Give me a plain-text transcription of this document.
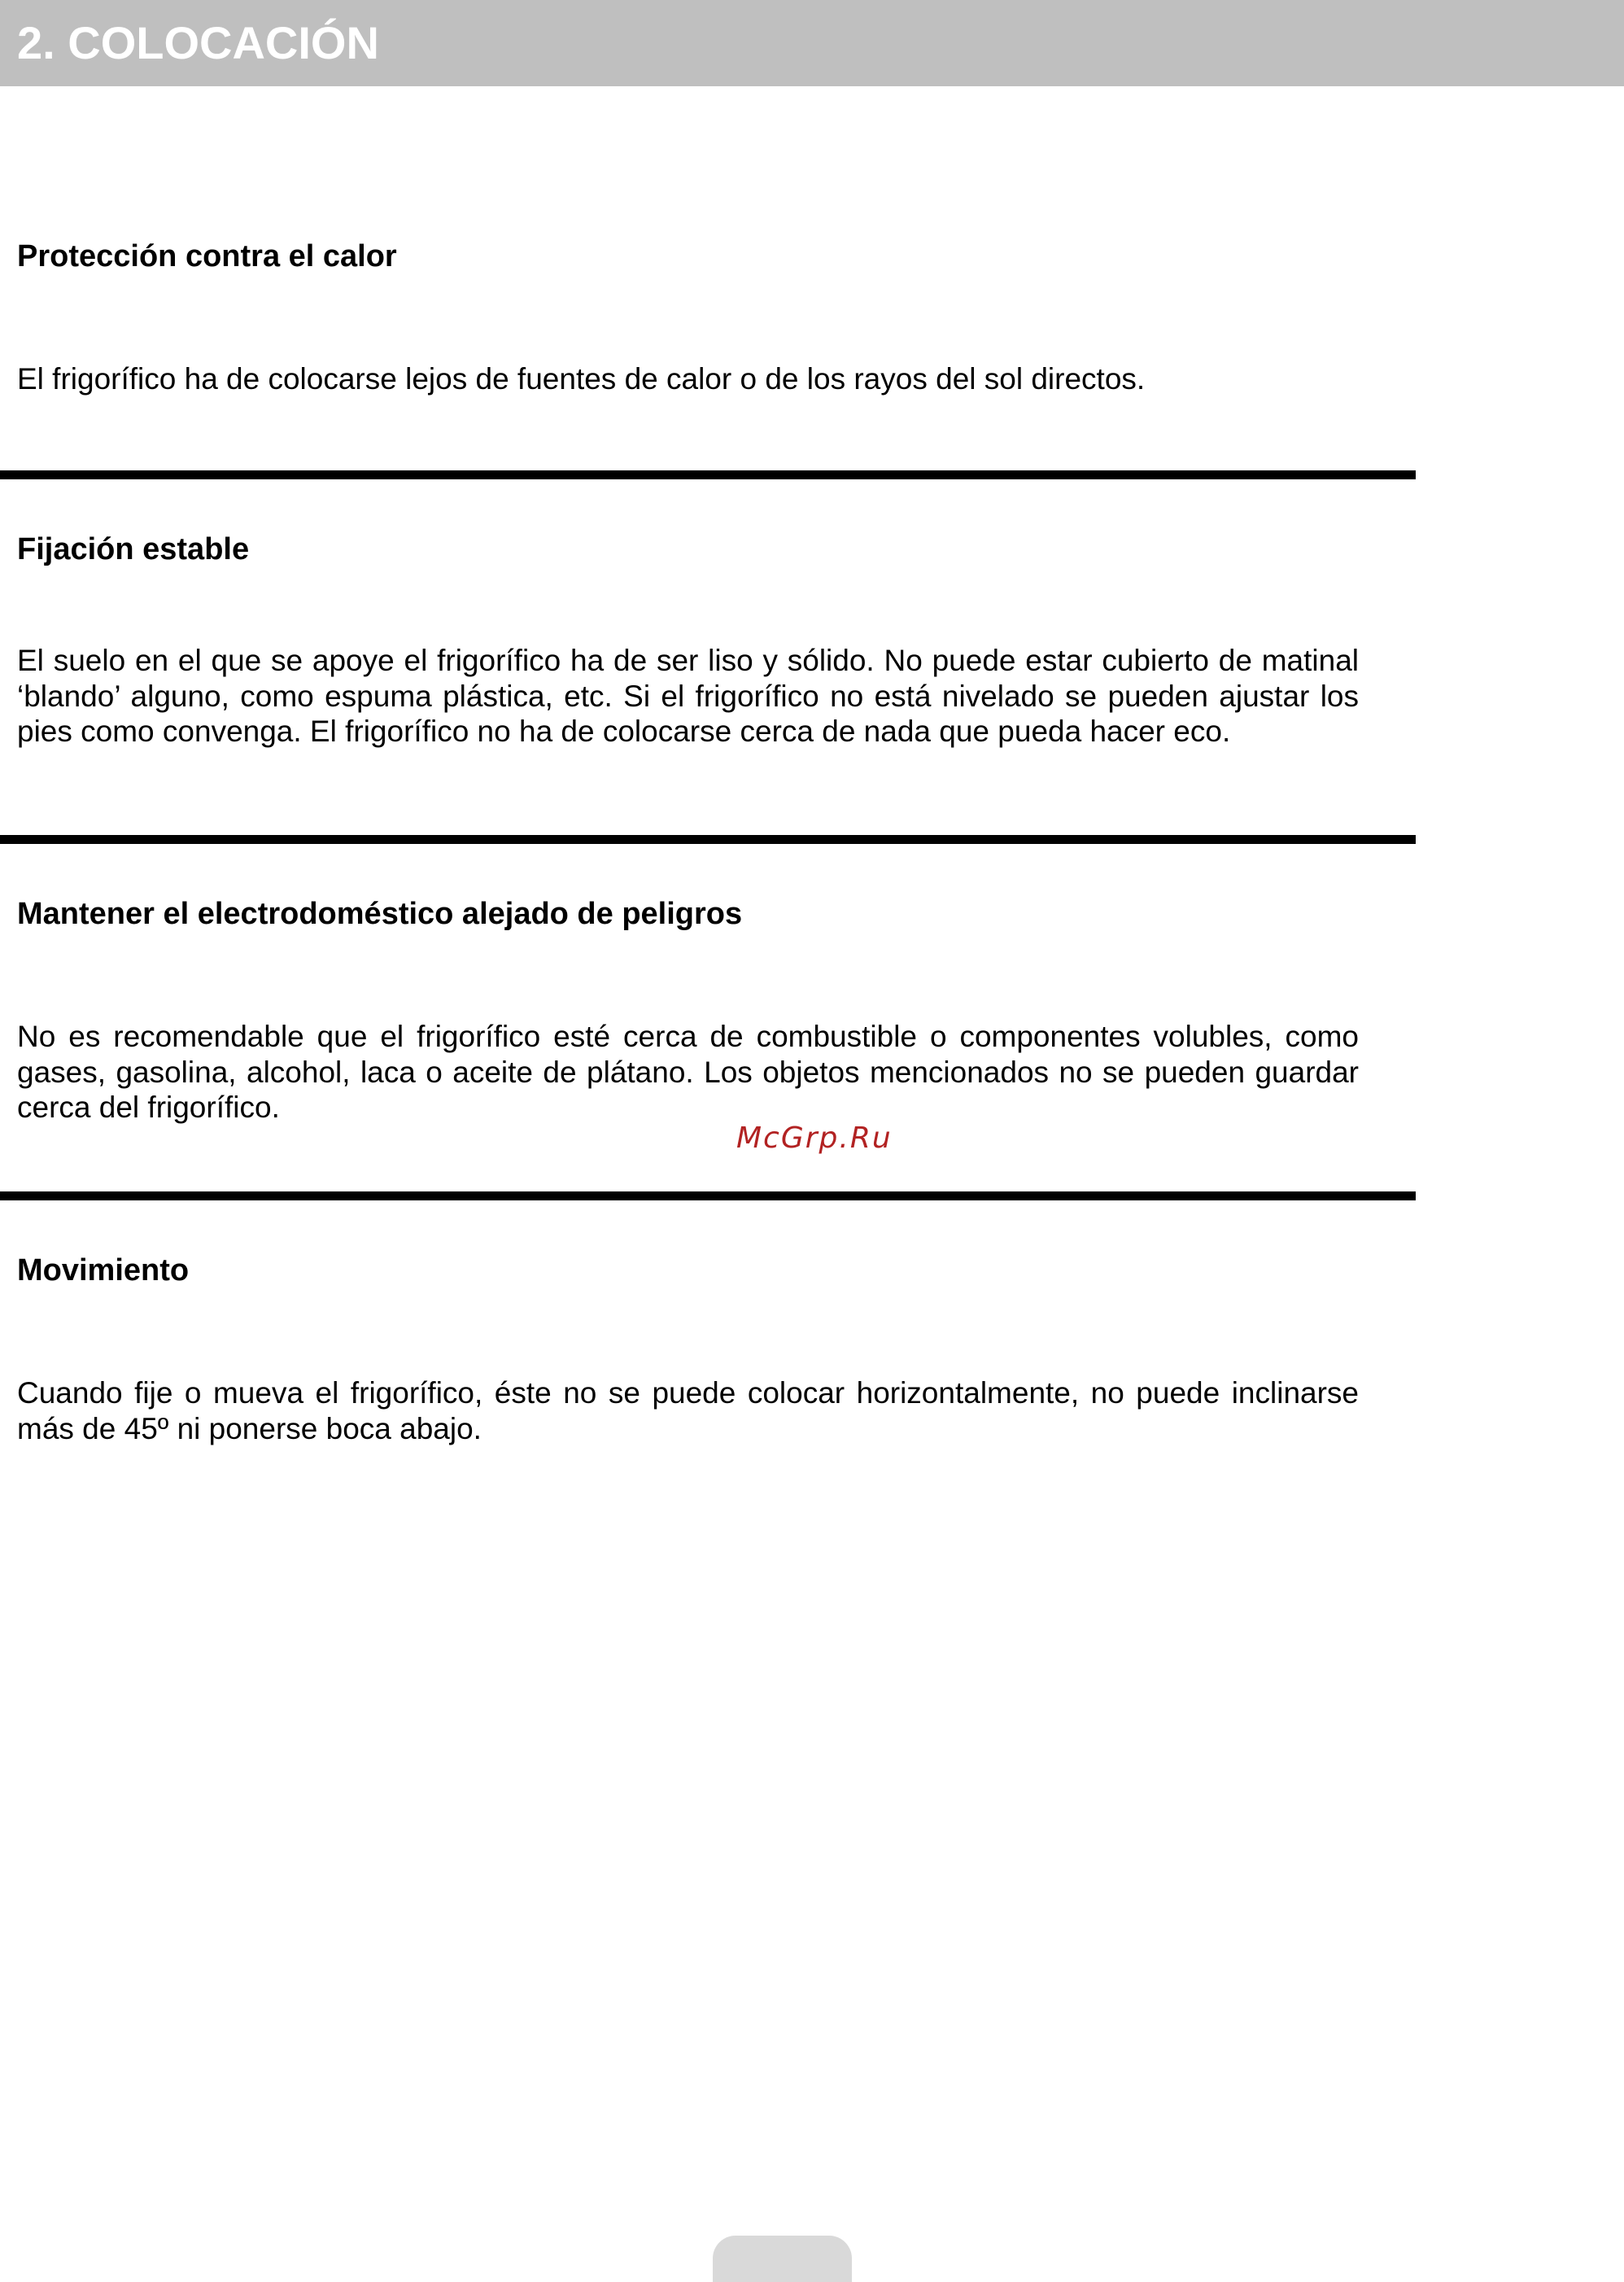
2. COLOCACIÓN
Protección contra el calor
El frigorífico ha de colocarse lejos de fuentes de calor o de los rayos del sol directos.
Fijación estable
El suelo en el que se apoye el frigorífico ha de ser liso y sólido. No puede estar cubierto de matinal ‘blando’ alguno, como espuma plástica, etc. Si el frigorífico no está nivelado se pueden ajustar los pies como convenga. El frigorífico no ha de colocarse cerca de nada que pueda hacer eco.
Mantener el electrodoméstico alejado de peligros
No es recomendable que el frigorífico esté cerca de combustible o componentes volubles, como gases, gasolina, alcohol, laca o aceite de plátano. Los objetos mencionados no se pueden guardar cerca del frigorífico.
McGrp.Ru
Movimiento
Cuando fije o mueva el frigorífico, éste no se puede colocar horizontalmente, no puede inclinarse más de 45º ni ponerse boca abajo.
